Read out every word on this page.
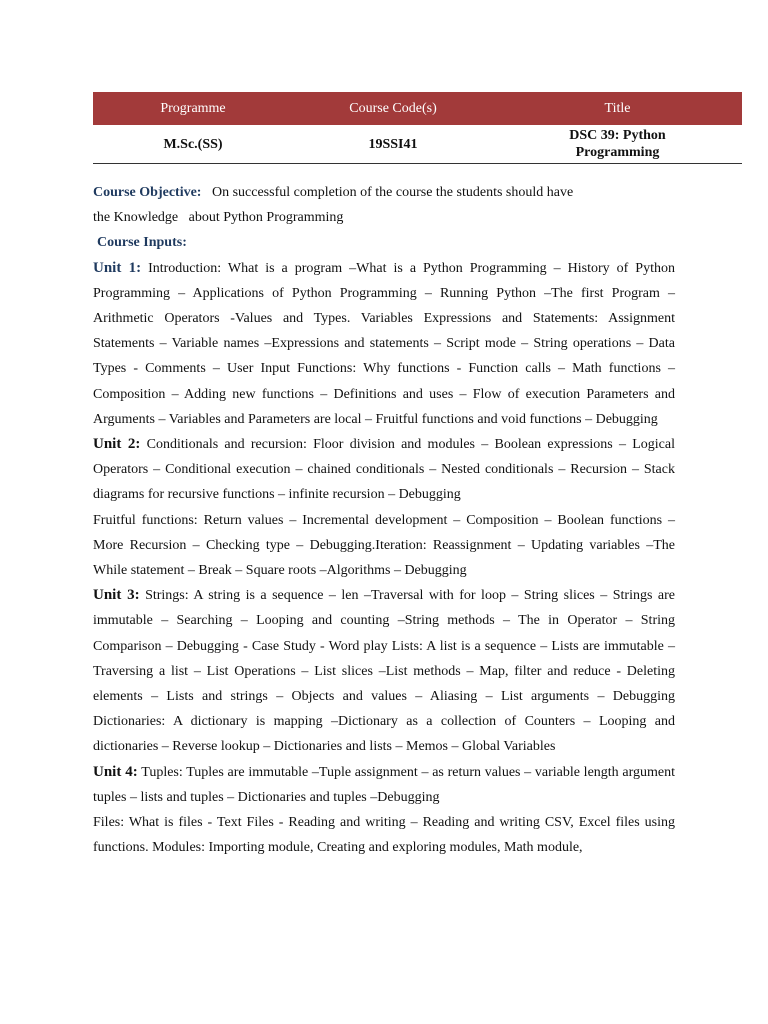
Programme	Course Code(s)	Title
M.Sc.(SS)	19SSI41	DSC 39: Python
Programming

Course Objective: On successful completion of the course the students should have
the Knowledge   about Python Programming

Course Inputs:

Unit 1: Introduction: What is a program –What is a Python Programming – History of Python Programming – Applications of Python Programming – Running Python –The first Program – Arithmetic Operators -Values and Types. Variables Expressions and Statements: Assignment Statements – Variable names –Expressions and statements – Script mode – String operations – Data Types - Comments – User Input Functions: Why functions - Function calls – Math functions – Composition – Adding new functions – Definitions and uses – Flow of execution Parameters and Arguments – Variables and Parameters are local – Fruitful functions and void functions – Debugging

Unit 2: Conditionals and recursion: Floor division and modules – Boolean expressions – Logical Operators – Conditional execution – chained conditionals – Nested conditionals – Recursion – Stack diagrams for recursive functions – infinite recursion – Debugging

Fruitful functions: Return values – Incremental development – Composition – Boolean functions –More Recursion – Checking type – Debugging.Iteration: Reassignment – Updating variables –The While statement – Break – Square roots –Algorithms – Debugging

Unit 3: Strings: A string is a sequence – len –Traversal with for loop – String slices – Strings are immutable – Searching – Looping and counting –String methods – The in Operator – String Comparison – Debugging - Case Study - Word play Lists: A list is a sequence – Lists are immutable –Traversing a list – List Operations – List slices –List methods – Map, filter and reduce - Deleting elements – Lists and strings – Objects and values – Aliasing – List arguments – Debugging Dictionaries: A dictionary is mapping –Dictionary as a collection of Counters – Looping and dictionaries – Reverse lookup – Dictionaries and lists – Memos – Global Variables

Unit 4: Tuples: Tuples are immutable –Tuple assignment – as return values – variable length argument tuples – lists and tuples – Dictionaries and tuples –Debugging

Files: What is files - Text Files - Reading and writing – Reading and writing CSV, Excel files using functions. Modules: Importing module, Creating and exploring modules, Math module,
